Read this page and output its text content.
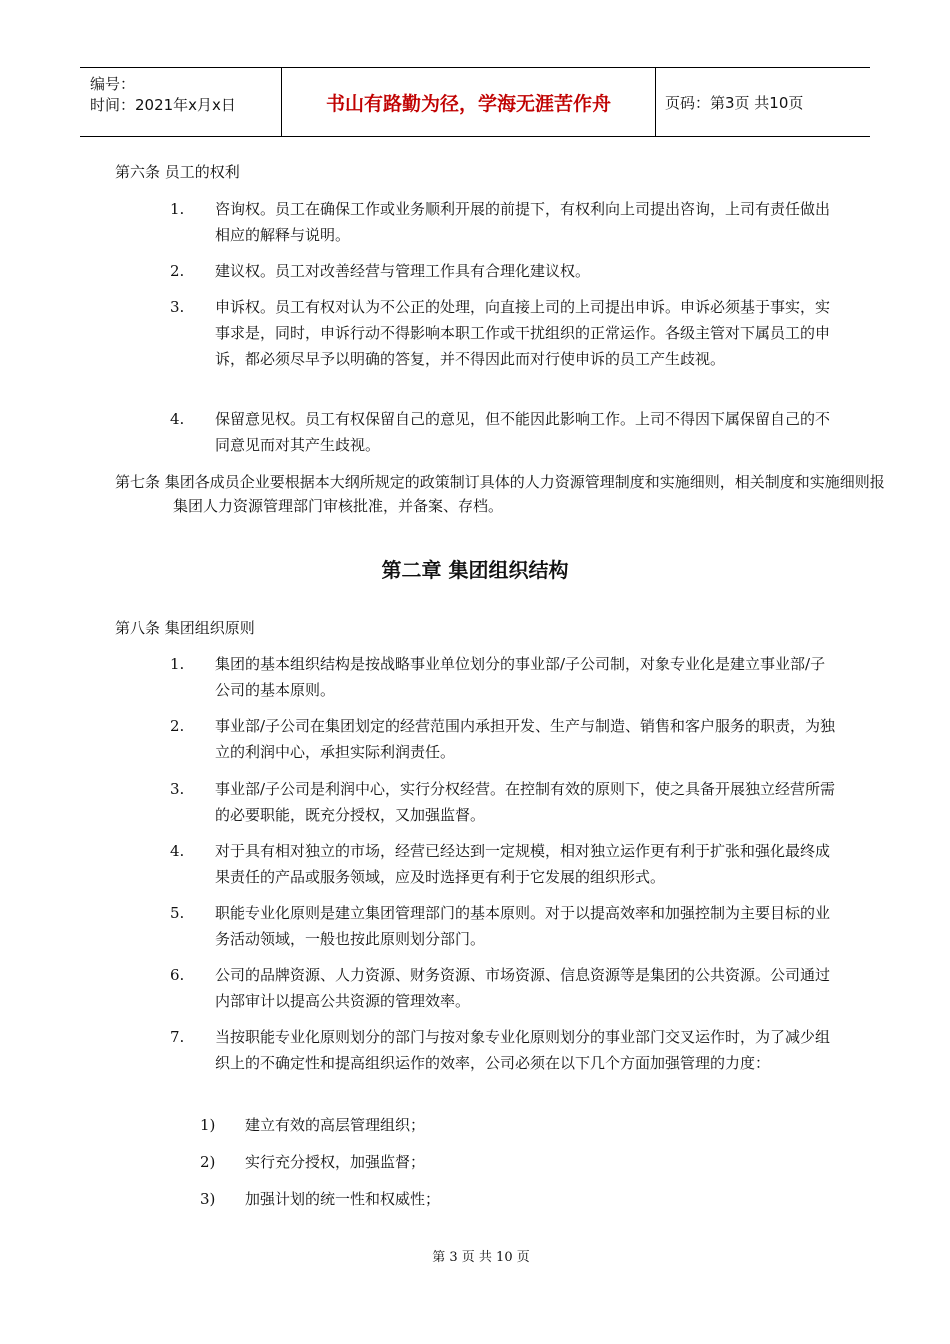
编号：
时间：2021年x月x日	书山有路勤为径，学海无涯苦作舟	页码：第3页 共10页
第六条 员工的权利
1. 咨询权。员工在确保工作或业务顺利开展的前提下，有权利向上司提出咨询，上司有责任做出相应的解释与说明。
2. 建议权。员工对改善经营与管理工作具有合理化建议权。
3. 申诉权。员工有权对认为不公正的处理，向直接上司的上司提出申诉。申诉必须基于事实，实事求是，同时，申诉行动不得影响本职工作或干扰组织的正常运作。各级主管对下属员工的申诉，都必须尽早予以明确的答复，并不得因此而对行使申诉的员工产生歧视。
4. 保留意见权。员工有权保留自己的意见，但不能因此影响工作。上司不得因下属保留自己的不同意见而对其产生歧视。
第七条 集团各成员企业要根据本大纲所规定的政策制订具体的人力资源管理制度和实施细则，相关制度和实施细则报集团人力资源管理部门审核批准，并备案、存档。
第二章 集团组织结构
第八条 集团组织原则
1. 集团的基本组织结构是按战略事业单位划分的事业部/子公司制，对象专业化是建立事业部/子公司的基本原则。
2. 事业部/子公司在集团划定的经营范围内承担开发、生产与制造、销售和客户服务的职责，为独立的利润中心，承担实际利润责任。
3. 事业部/子公司是利润中心，实行分权经营。在控制有效的原则下，使之具备开展独立经营所需的必要职能，既充分授权，又加强监督。
4. 对于具有相对独立的市场，经营已经达到一定规模，相对独立运作更有利于扩张和强化最终成果责任的产品或服务领域，应及时选择更有利于它发展的组织形式。
5. 职能专业化原则是建立集团管理部门的基本原则。对于以提高效率和加强控制为主要目标的业务活动领域，一般也按此原则划分部门。
6. 公司的品牌资源、人力资源、财务资源、市场资源、信息资源等是集团的公共资源。公司通过内部审计以提高公共资源的管理效率。
7. 当按职能专业化原则划分的部门与按对象专业化原则划分的事业部门交叉运作时，为了减少组织上的不确定性和提高组织运作的效率，公司必须在以下几个方面加强管理的力度：
1) 建立有效的高层管理组织；
2) 实行充分授权，加强监督；
3) 加强计划的统一性和权威性；
第 3 页 共 10 页
